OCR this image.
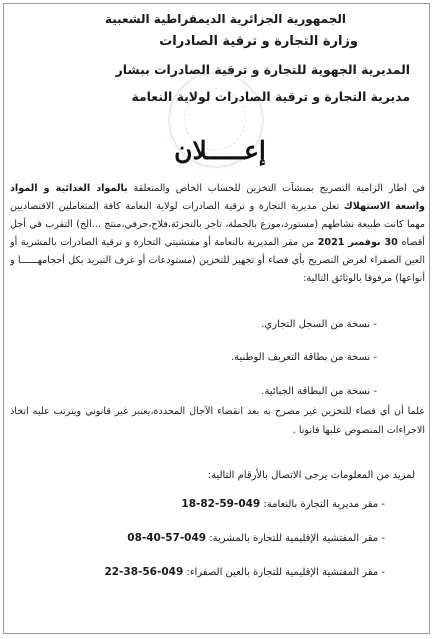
الجمهورية الجزائرية الديمقراطية الشعبية
وزارة التجارة و ترقية الصادرات
المديرية الجهوية للتجارة و ترقية الصادرات ببشار
مديرية التجارة و ترقية الصادرات لولاية النعامة
إعـــــلان
في اطار الزامية التصريح بمنشآت التخزين للحساب الخاص والمتعلقة بالمواد الغذائية و المواد واسعة الاستهلاك تعلن مديرية التجارة و ترقية الصادرات لولاية النعامة كافة المتعاملين الاقتصاديين مهما كانت طبيعة نشاطهم (مستورد،موزع بالجملة، تاجر بالتجزئة،فلاح،حرفي،منتج ...الخ) التقرب في أجل أقصاه 30 نوفمبر 2021 من مقر المديرية بالنعامة أو مفتشيتي التجارة و ترقية الصادرات بالمشرية أو العين الصفراء لغرض التصريح بأي فضاء أو تجهيز للتخزين (مستودعات أو غرف التبريد بكل أحجامهــــــا و أنواعها) مرفوقا بالوثائق التالية:
- نسخة من السجل التجاري.
- نسخة من بطاقة التعريف الوطنية.
- نسخة من البطاقة الجبائية.
علما أن أي فضاء للتخزين غير مصرح به بعد انقضاء الآجال المحددة،يعتبر غير قانوني ويترتب عليه اتخاذ الاجراءات المنصوص عليها قانونا .
لمزيد من المعلومات يرجى الاتصال بالأرقام التالية:
- مقر مديرية التجارة بالنعامة: 18-82-59-049
- مقر المفتشية الإقليمية للتجارة بالمشرية: 08-40-57-049
- مقر المفتشية الإقليمية للتجارة بالعين الصفراء: 22-38-56-049
